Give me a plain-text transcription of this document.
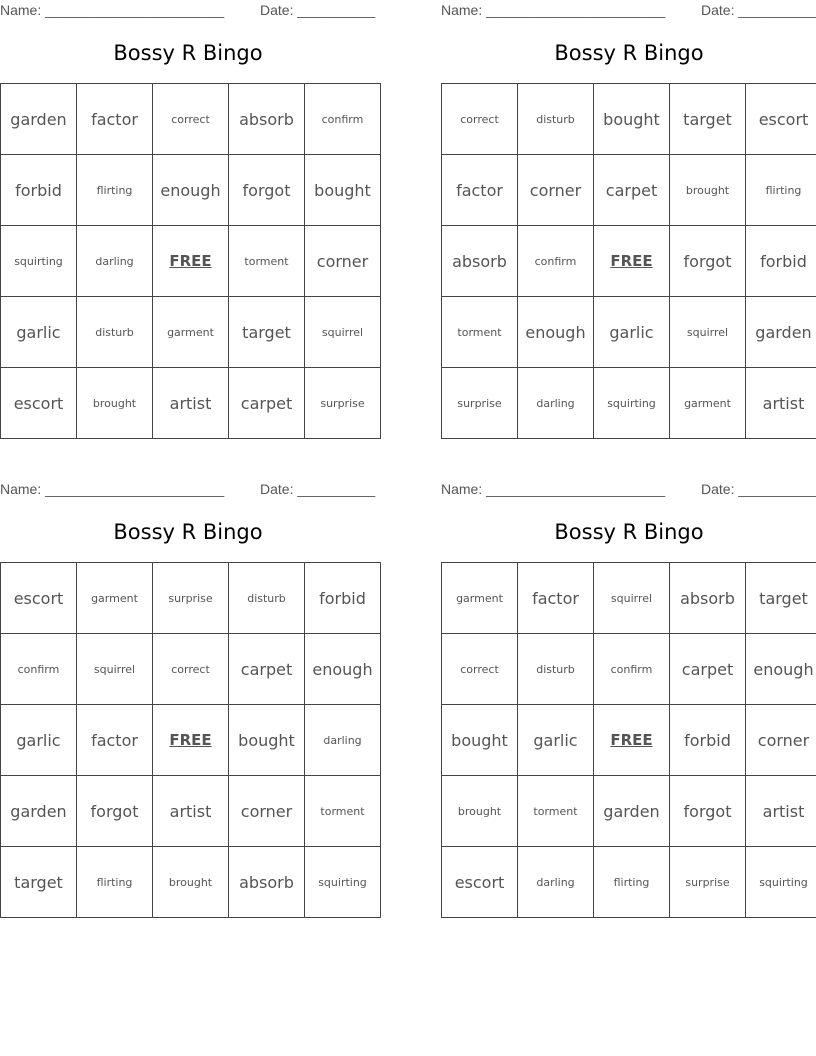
Name: _______________________	Date: __________
Bossy R Bingo
garden	factor	correct	absorb	confirm
forbid	flirting	enough	forgot	bought
squirting	darling	FREE	torment	corner
garlic	disturb	garment	target	squirrel
escort	brought	artist	carpet	surprise
Name: _______________________	Date: __________
Bossy R Bingo
correct	disturb	bought	target	escort
factor	corner	carpet	brought	flirting
absorb	confirm	FREE	forgot	forbid
torment	enough	garlic	squirrel	garden
surprise	darling	squirting	garment	artist
Name: _______________________	Date: __________
Bossy R Bingo
escort	garment	surprise	disturb	forbid
confirm	squirrel	correct	carpet	enough
garlic	factor	FREE	bought	darling
garden	forgot	artist	corner	torment
target	flirting	brought	absorb	squirting
Name: _______________________	Date: __________
Bossy R Bingo
garment	factor	squirrel	absorb	target
correct	disturb	confirm	carpet	enough
bought	garlic	FREE	forbid	corner
brought	torment	garden	forgot	artist
escort	darling	flirting	surprise	squirting
